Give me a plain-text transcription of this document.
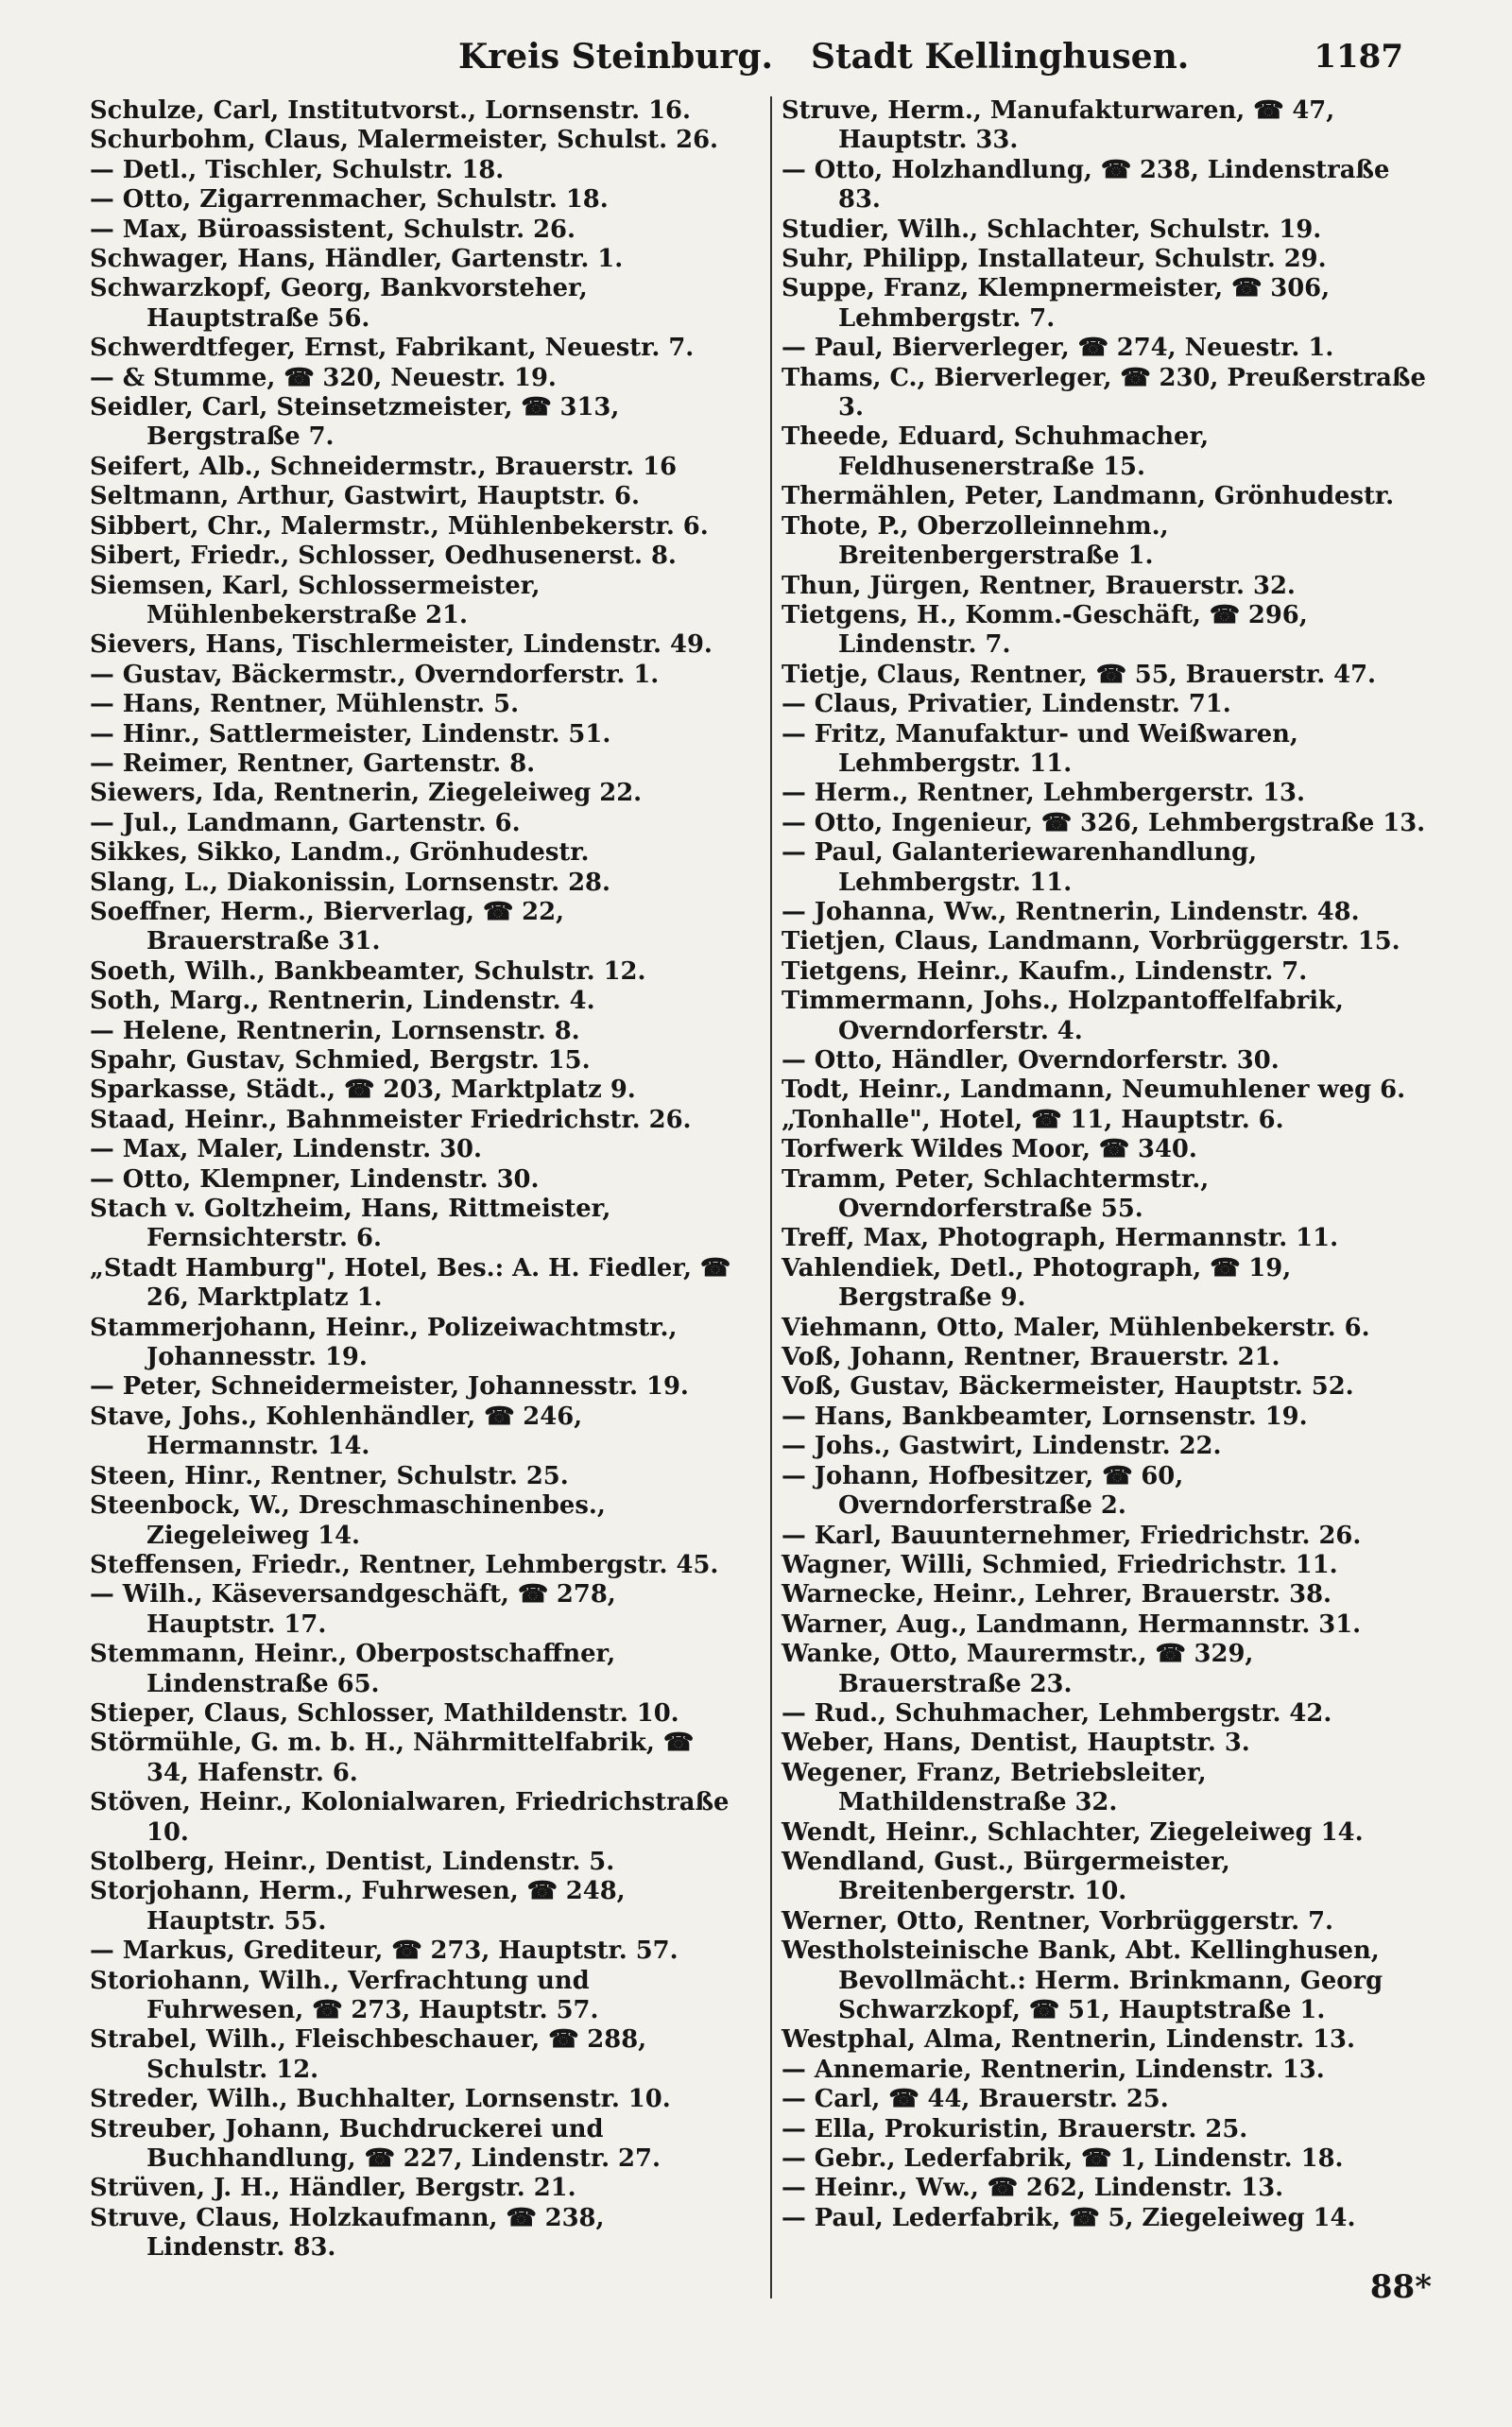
Kreis Steinburg. Stadt Kellinghusen.	1187

Schulze, Carl, Institutvorst., Lornsenstr. 16.

Schurbohm, Claus, Malermeister, Schulst. 26.

— Detl., Tischler, Schulstr. 18.

— Otto, Zigarrenmacher, Schulstr. 18.

— Max, Büroassistent, Schulstr. 26.

Schwager, Hans, Händler, Gartenstr. 1.

Schwarzkopf, Georg, Bankvorsteher, Hauptstraße 56.

Schwerdtfeger, Ernst, Fabrikant, Neuestr. 7.

— & Stumme, ☎ 320, Neuestr. 19.

Seidler, Carl, Steinsetzmeister, ☎ 313, Bergstraße 7.

Seifert, Alb., Schneidermstr., Brauerstr. 16

Seltmann, Arthur, Gastwirt, Hauptstr. 6.

Sibbert, Chr., Malermstr., Mühlenbekerstr. 6.

Sibert, Friedr., Schlosser, Oedhusenerst. 8.

Siemsen, Karl, Schlossermeister, Mühlenbekerstraße 21.

Sievers, Hans, Tischlermeister, Lindenstr. 49.

— Gustav, Bäckermstr., Overndorferstr. 1.

— Hans, Rentner, Mühlenstr. 5.

— Hinr., Sattlermeister, Lindenstr. 51.

— Reimer, Rentner, Gartenstr. 8.

Siewers, Ida, Rentnerin, Ziegeleiweg 22.

— Jul., Landmann, Gartenstr. 6.

Sikkes, Sikko, Landm., Grönhudestr.

Slang, L., Diakonissin, Lornsenstr. 28.

Soeffner, Herm., Bierverlag, ☎ 22, Brauerstraße 31.

Soeth, Wilh., Bankbeamter, Schulstr. 12.

Soth, Marg., Rentnerin, Lindenstr. 4.

— Helene, Rentnerin, Lornsenstr. 8.

Spahr, Gustav, Schmied, Bergstr. 15.

Sparkasse, Städt., ☎ 203, Marktplatz 9.

Staad, Heinr., Bahnmeister Friedrichstr. 26.

— Max, Maler, Lindenstr. 30.

— Otto, Klempner, Lindenstr. 30.

Stach v. Goltzheim, Hans, Rittmeister, Fernsichterstr. 6.

„Stadt Hamburg", Hotel, Bes.: A. H. Fiedler, ☎ 26, Marktplatz 1.

Stammerjohann, Heinr., Polizeiwachtmstr., Johannesstr. 19.

— Peter, Schneidermeister, Johannesstr. 19.

Stave, Johs., Kohlenhändler, ☎ 246, Hermannstr. 14.

Steen, Hinr., Rentner, Schulstr. 25.

Steenbock, W., Dreschmaschinenbes., Ziegeleiweg 14.

Steffensen, Friedr., Rentner, Lehmbergstr. 45.

— Wilh., Käseversandgeschäft, ☎ 278, Hauptstr. 17.

Stemmann, Heinr., Oberpostschaffner, Lindenstraße 65.

Stieper, Claus, Schlosser, Mathildenstr. 10.

Störmühle, G. m. b. H., Nährmittelfabrik, ☎ 34, Hafenstr. 6.

Stöven, Heinr., Kolonialwaren, Friedrichstraße 10.

Stolberg, Heinr., Dentist, Lindenstr. 5.

Storjohann, Herm., Fuhrwesen, ☎ 248, Hauptstr. 55.

— Markus, Grediteur, ☎ 273, Hauptstr. 57.

Storiohann, Wilh., Verfrachtung und Fuhrwesen, ☎ 273, Hauptstr. 57.

Strabel, Wilh., Fleischbeschauer, ☎ 288, Schulstr. 12.

Streder, Wilh., Buchhalter, Lornsenstr. 10.

Streuber, Johann, Buchdruckerei und Buchhandlung, ☎ 227, Lindenstr. 27.

Strüven, J. H., Händler, Bergstr. 21.

Struve, Claus, Holzkaufmann, ☎ 238, Lindenstr. 83.

Struve, Herm., Manufakturwaren, ☎ 47, Hauptstr. 33.

— Otto, Holzhandlung, ☎ 238, Lindenstraße 83.

Studier, Wilh., Schlachter, Schulstr. 19.

Suhr, Philipp, Installateur, Schulstr. 29.

Suppe, Franz, Klempnermeister, ☎ 306, Lehmbergstr. 7.

— Paul, Bierverleger, ☎ 274, Neuestr. 1.

Thams, C., Bierverleger, ☎ 230, Preußerstraße 3.

Theede, Eduard, Schuhmacher, Feldhusenerstraße 15.

Thermählen, Peter, Landmann, Grönhudestr.

Thote, P., Oberzolleinnehm., Breitenbergerstraße 1.

Thun, Jürgen, Rentner, Brauerstr. 32.

Tietgens, H., Komm.-Geschäft, ☎ 296, Lindenstr. 7.

Tietje, Claus, Rentner, ☎ 55, Brauerstr. 47.

— Claus, Privatier, Lindenstr. 71.

— Fritz, Manufaktur- und Weißwaren, Lehmbergstr. 11.

— Herm., Rentner, Lehmbergerstr. 13.

— Otto, Ingenieur, ☎ 326, Lehmbergstraße 13.

— Paul, Galanteriewarenhandlung, Lehmbergstr. 11.

— Johanna, Ww., Rentnerin, Lindenstr. 48.

Tietjen, Claus, Landmann, Vorbrüggerstr. 15.

Tietgens, Heinr., Kaufm., Lindenstr. 7.

Timmermann, Johs., Holzpantoffelfabrik, Overndorferstr. 4.

— Otto, Händler, Overndorferstr. 30.

Todt, Heinr., Landmann, Neumuhlener weg 6.

„Tonhalle", Hotel, ☎ 11, Hauptstr. 6.

Torfwerk Wildes Moor, ☎ 340.

Tramm, Peter, Schlachtermstr., Overndorferstraße 55.

Treff, Max, Photograph, Hermannstr. 11.

Vahlendiek, Detl., Photograph, ☎ 19, Bergstraße 9.

Viehmann, Otto, Maler, Mühlenbekerstr. 6.

Voß, Johann, Rentner, Brauerstr. 21.

Voß, Gustav, Bäckermeister, Hauptstr. 52.

— Hans, Bankbeamter, Lornsenstr. 19.

— Johs., Gastwirt, Lindenstr. 22.

— Johann, Hofbesitzer, ☎ 60, Overndorferstraße 2.

— Karl, Bauunternehmer, Friedrichstr. 26.

Wagner, Willi, Schmied, Friedrichstr. 11.

Warnecke, Heinr., Lehrer, Brauerstr. 38.

Warner, Aug., Landmann, Hermannstr. 31.

Wanke, Otto, Maurermstr., ☎ 329, Brauerstraße 23.

— Rud., Schuhmacher, Lehmbergstr. 42.

Weber, Hans, Dentist, Hauptstr. 3.

Wegener, Franz, Betriebsleiter, Mathildenstraße 32.

Wendt, Heinr., Schlachter, Ziegeleiweg 14.

Wendland, Gust., Bürgermeister, Breitenbergerstr. 10.

Werner, Otto, Rentner, Vorbrüggerstr. 7.

Westholsteinische Bank, Abt. Kellinghusen, Bevollmächt.: Herm. Brinkmann, Georg Schwarzkopf, ☎ 51, Hauptstraße 1.

Westphal, Alma, Rentnerin, Lindenstr. 13.

— Annemarie, Rentnerin, Lindenstr. 13.

— Carl, ☎ 44, Brauerstr. 25.

— Ella, Prokuristin, Brauerstr. 25.

— Gebr., Lederfabrik, ☎ 1, Lindenstr. 18.

— Heinr., Ww., ☎ 262, Lindenstr. 13.

— Paul, Lederfabrik, ☎ 5, Ziegeleiweg 14.

88*
